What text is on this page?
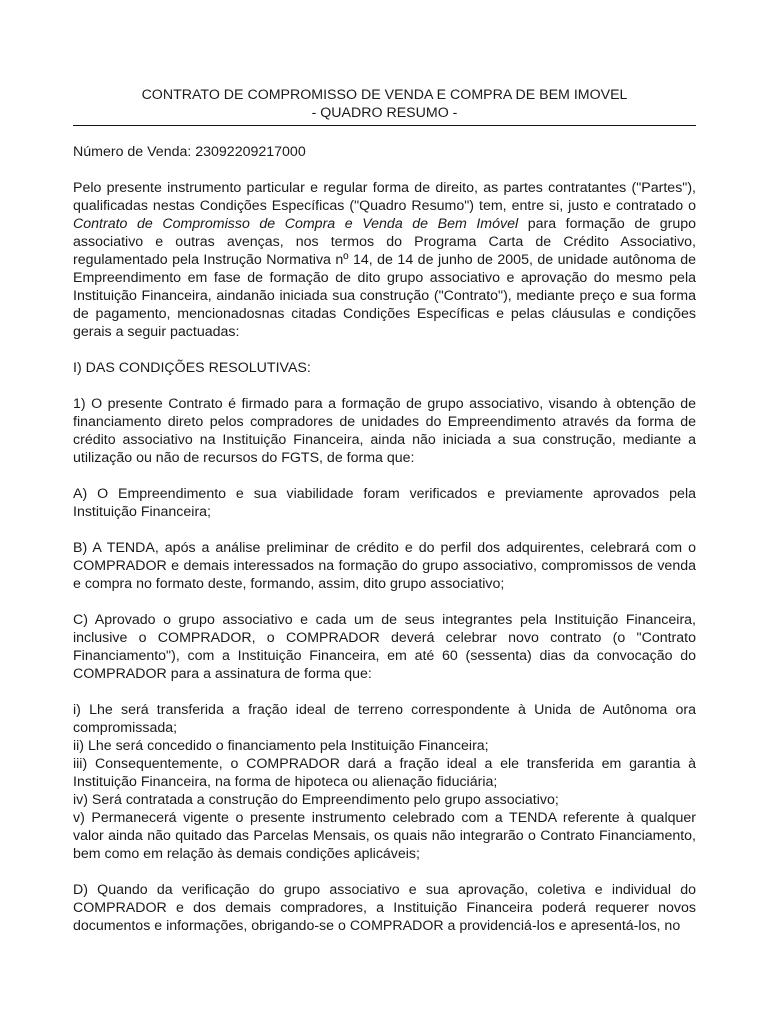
CONTRATO DE COMPROMISSO DE VENDA E COMPRA DE BEM IMOVEL

- QUADRO RESUMO -

Número de Venda: 23092209217000

Pelo presente instrumento particular e regular forma de direito, as partes contratantes ("Partes"), qualificadas nestas Condições Específicas ("Quadro Resumo") tem, entre si, justo e contratado o Contrato de Compromisso de Compra e Venda de Bem Imóvel para formação de grupo associativo e outras avenças, nos termos do Programa Carta de Crédito Associativo, regulamentado pela Instrução Normativa nº 14, de 14 de junho de 2005, de unidade autônoma de Empreendimento em fase de formação de dito grupo associativo e aprovação do mesmo pela Instituição Financeira, aindanão iniciada sua construção ("Contrato"), mediante preço e sua forma de pagamento, mencionadosnas citadas Condições Específicas e pelas cláusulas e condições gerais a seguir pactuadas:

I) DAS CONDIÇÕES RESOLUTIVAS:

1) O presente Contrato é firmado para a formação de grupo associativo, visando à obtenção de financiamento direto pelos compradores de unidades do Empreendimento através da forma de crédito associativo na Instituição Financeira, ainda não iniciada a sua construção, mediante a utilização ou não de recursos do FGTS, de forma que:

A) O Empreendimento e sua viabilidade foram verificados e previamente aprovados pela Instituição Financeira;

B) A TENDA, após a análise preliminar de crédito e do perfil dos adquirentes, celebrará com o COMPRADOR e demais interessados na formação do grupo associativo, compromissos de venda e compra no formato deste, formando, assim, dito grupo associativo;

C) Aprovado o grupo associativo e cada um de seus integrantes pela Instituição Financeira, inclusive o COMPRADOR, o COMPRADOR deverá celebrar novo contrato (o "Contrato Financiamento"), com a Instituição Financeira, em até 60 (sessenta) dias da convocação do COMPRADOR para a assinatura de forma que:

i) Lhe será transferida a fração ideal de terreno correspondente à Unida de Autônoma ora compromissada;

ii) Lhe será concedido o financiamento pela Instituição Financeira;

iii) Consequentemente, o COMPRADOR dará a fração ideal a ele transferida em garantia à Instituição Financeira, na forma de hipoteca ou alienação fiduciária;

iv) Será contratada a construção do Empreendimento pelo grupo associativo;

v) Permanecerá vigente o presente instrumento celebrado com a TENDA referente à qualquer valor ainda não quitado das Parcelas Mensais, os quais não integrarão o Contrato Financiamento, bem como em relação às demais condições aplicáveis;

D) Quando da verificação do grupo associativo e sua aprovação, coletiva e individual do COMPRADOR e dos demais compradores, a Instituição Financeira poderá requerer novos documentos e informações, obrigando-se o COMPRADOR a providenciá-los e apresentá-los, no
